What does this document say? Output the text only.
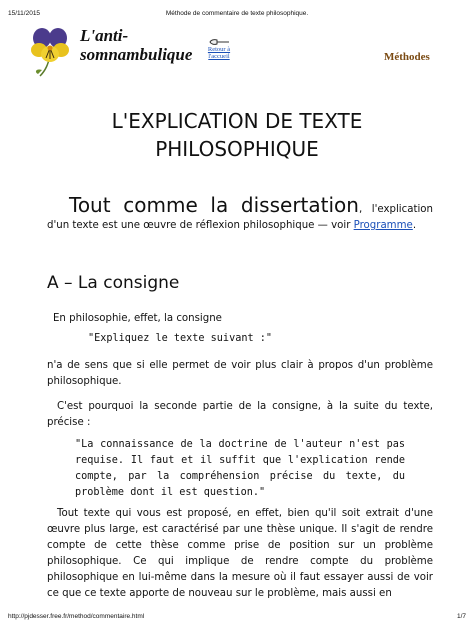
15/11/2015	Méthode de commentaire de texte philosophique.
L'anti-
somnambulique	Retour à
l'accueil	Méthodes
L'EXPLICATION DE TEXTE
PHILOSOPHIQUE
Tout comme la dissertation, l'explication d'un texte est une œuvre de réflexion philosophique — voir Programme.
A – La consigne
En philosophie, effet, la consigne
"Expliquez le texte suivant :"
n'a de sens que si elle permet de voir plus clair à propos d'un problème philosophique.
C'est pourquoi la seconde partie de la consigne, à la suite du texte, précise :
"La connaissance de la doctrine de l'auteur n'est pas requise. Il faut et il suffit que l'explication rende compte, par la compréhension précise du texte, du problème dont il est question."
Tout texte qui vous est proposé, en effet, bien qu'il soit extrait d'une œuvre plus large, est caractérisé par une thèse unique. Il s'agit de rendre compte de cette thèse comme prise de position sur un problème philosophique. Ce qui implique de rendre compte du problème philosophique en lui-même dans la mesure où il faut essayer aussi de voir ce que ce texte apporte de nouveau sur le problème, mais aussi en
http://pjdesser.free.fr/method/commentaire.html	1/7
